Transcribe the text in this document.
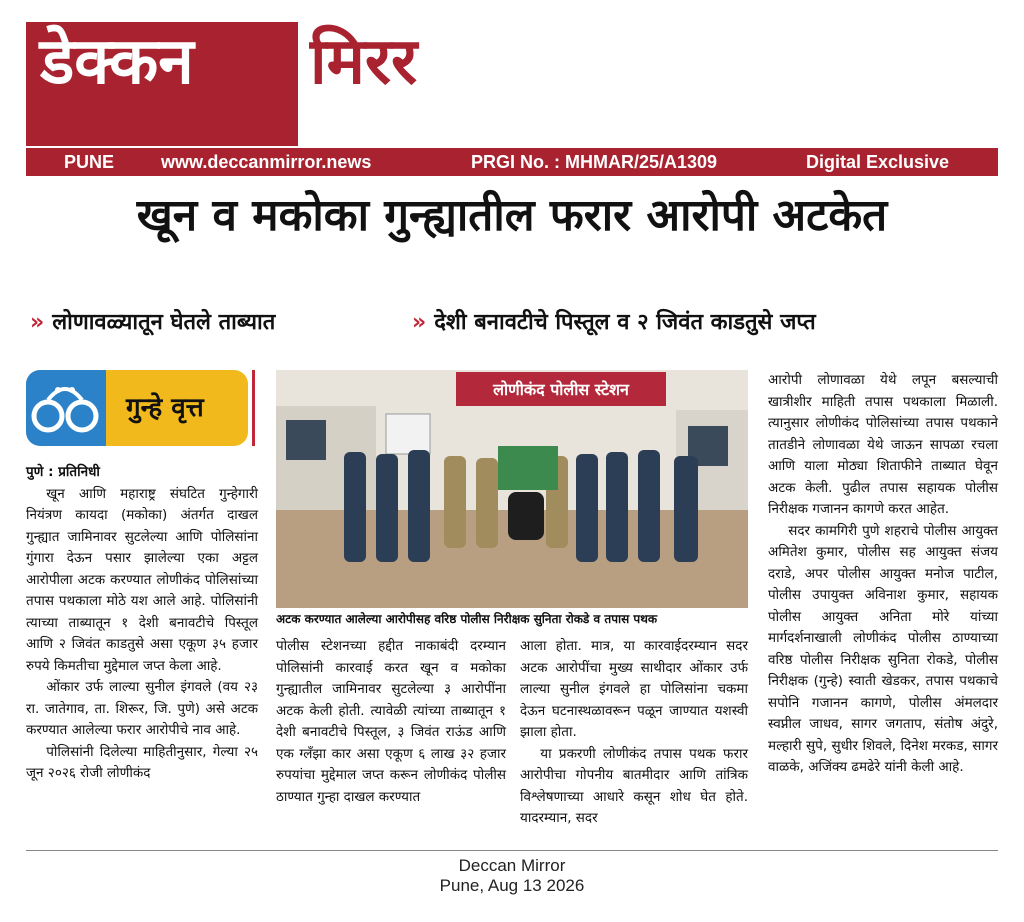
डेक्कन मिरर
PUNE	www.deccanmirror.news	PRGI No. : MHMAR/25/A1309	Digital Exclusive
खून व मकोका गुन्ह्यातील फरार आरोपी अटकेत
» लोणावळ्यातून घेतले ताब्यात	» देशी बनावटीचे पिस्तूल व २ जिवंत काडतुसे जप्त
गुन्हे वृत्त
लोणीकंद पोलीस स्टेशन
अटक करण्यात आलेल्या आरोपीसह वरिष्ठ पोलीस निरीक्षक सुनिता रोकडे व तपास पथक

पुणे : प्रतिनिधी

खून आणि महाराष्ट्र संघटित गुन्हेगारी नियंत्रण कायदा (मकोका) अंतर्गत दाखल गुन्ह्यात जामिनावर सुटलेल्या आणि पोलिसांना गुंगारा देऊन पसार झालेल्या एका अट्टल आरोपीला अटक करण्यात लोणीकंद पोलिसांच्या तपास पथकाला मोठे यश आले आहे. पोलिसांनी त्याच्या ताब्यातून १ देशी बनावटीचे पिस्तूल आणि २ जिवंत काडतुसे असा एकूण ३५ हजार रुपये किमतीचा मुद्देमाल जप्त केला आहे.

ओंकार उर्फ लाल्या सुनील इंगवले (वय २३ रा. जातेगाव, ता. शिरूर, जि. पुणे) असे अटक करण्यात आलेल्या फरार आरोपीचे नाव आहे.

पोलिसांनी दिलेल्या माहितीनुसार, गेल्या २५ जून २०२६ रोजी लोणीकंद

पोलीस स्टेशनच्या हद्दीत नाकाबंदी दरम्यान पोलिसांनी कारवाई करत खून व मकोका गुन्ह्यातील जामिनावर सुटलेल्या ३ आरोपींना अटक केली होती. त्यावेळी त्यांच्या ताब्यातून १ देशी बनावटीचे पिस्तूल, ३ जिवंत राऊंड आणि एक ग्लॅंझा कार असा एकूण ६ लाख ३२ हजार रुपयांचा मुद्देमाल जप्त करून लोणीकंद पोलीस ठाण्यात गुन्हा दाखल करण्यात

आला होता. मात्र, या कारवाईदरम्यान सदर अटक आरोपींचा मुख्य साथीदार ओंकार उर्फ लाल्या सुनील इंगवले हा पोलिसांना चकमा देऊन घटनास्थळावरून पळून जाण्यात यशस्वी झाला होता.

या प्रकरणी लोणीकंद तपास पथक फरार आरोपीचा गोपनीय बातमीदार आणि तांत्रिक विश्लेषणाच्या आधारे कसून शोध घेत होते. यादरम्यान, सदर

आरोपी लोणावळा येथे लपून बसल्याची खात्रीशीर माहिती तपास पथकाला मिळाली. त्यानुसार लोणीकंद पोलिसांच्या तपास पथकाने तातडीने लोणावळा येथे जाऊन सापळा रचला आणि याला मोठ्या शिताफीने ताब्यात घेवून अटक केली. पुढील तपास सहायक पोलीस निरीक्षक गजानन कागणे करत आहेत.

सदर कामगिरी पुणे शहराचे पोलीस आयुक्त अमितेश कुमार, पोलीस सह आयुक्त संजय दराडे, अपर पोलीस आयुक्त मनोज पाटील, पोलीस उपायुक्त अविनाश कुमार, सहायक पोलीस आयुक्त अनिता मोरे यांच्या मार्गदर्शनाखाली लोणीकंद पोलीस ठाण्याच्या वरिष्ठ पोलीस निरीक्षक सुनिता रोकडे, पोलीस निरीक्षक (गुन्हे) स्वाती खेडकर, तपास पथकाचे सपोनि गजानन कागणे, पोलीस अंमलदार स्वप्नील जाधव, सागर जगताप, संतोष अंदुरे, मल्हारी सुपे, सुधीर शिवले, दिनेश मरकड, सागर वाळके, अजिंक्य ढमढेरे यांनी केली आहे.

Deccan Mirror
Pune, Aug 13 2026
